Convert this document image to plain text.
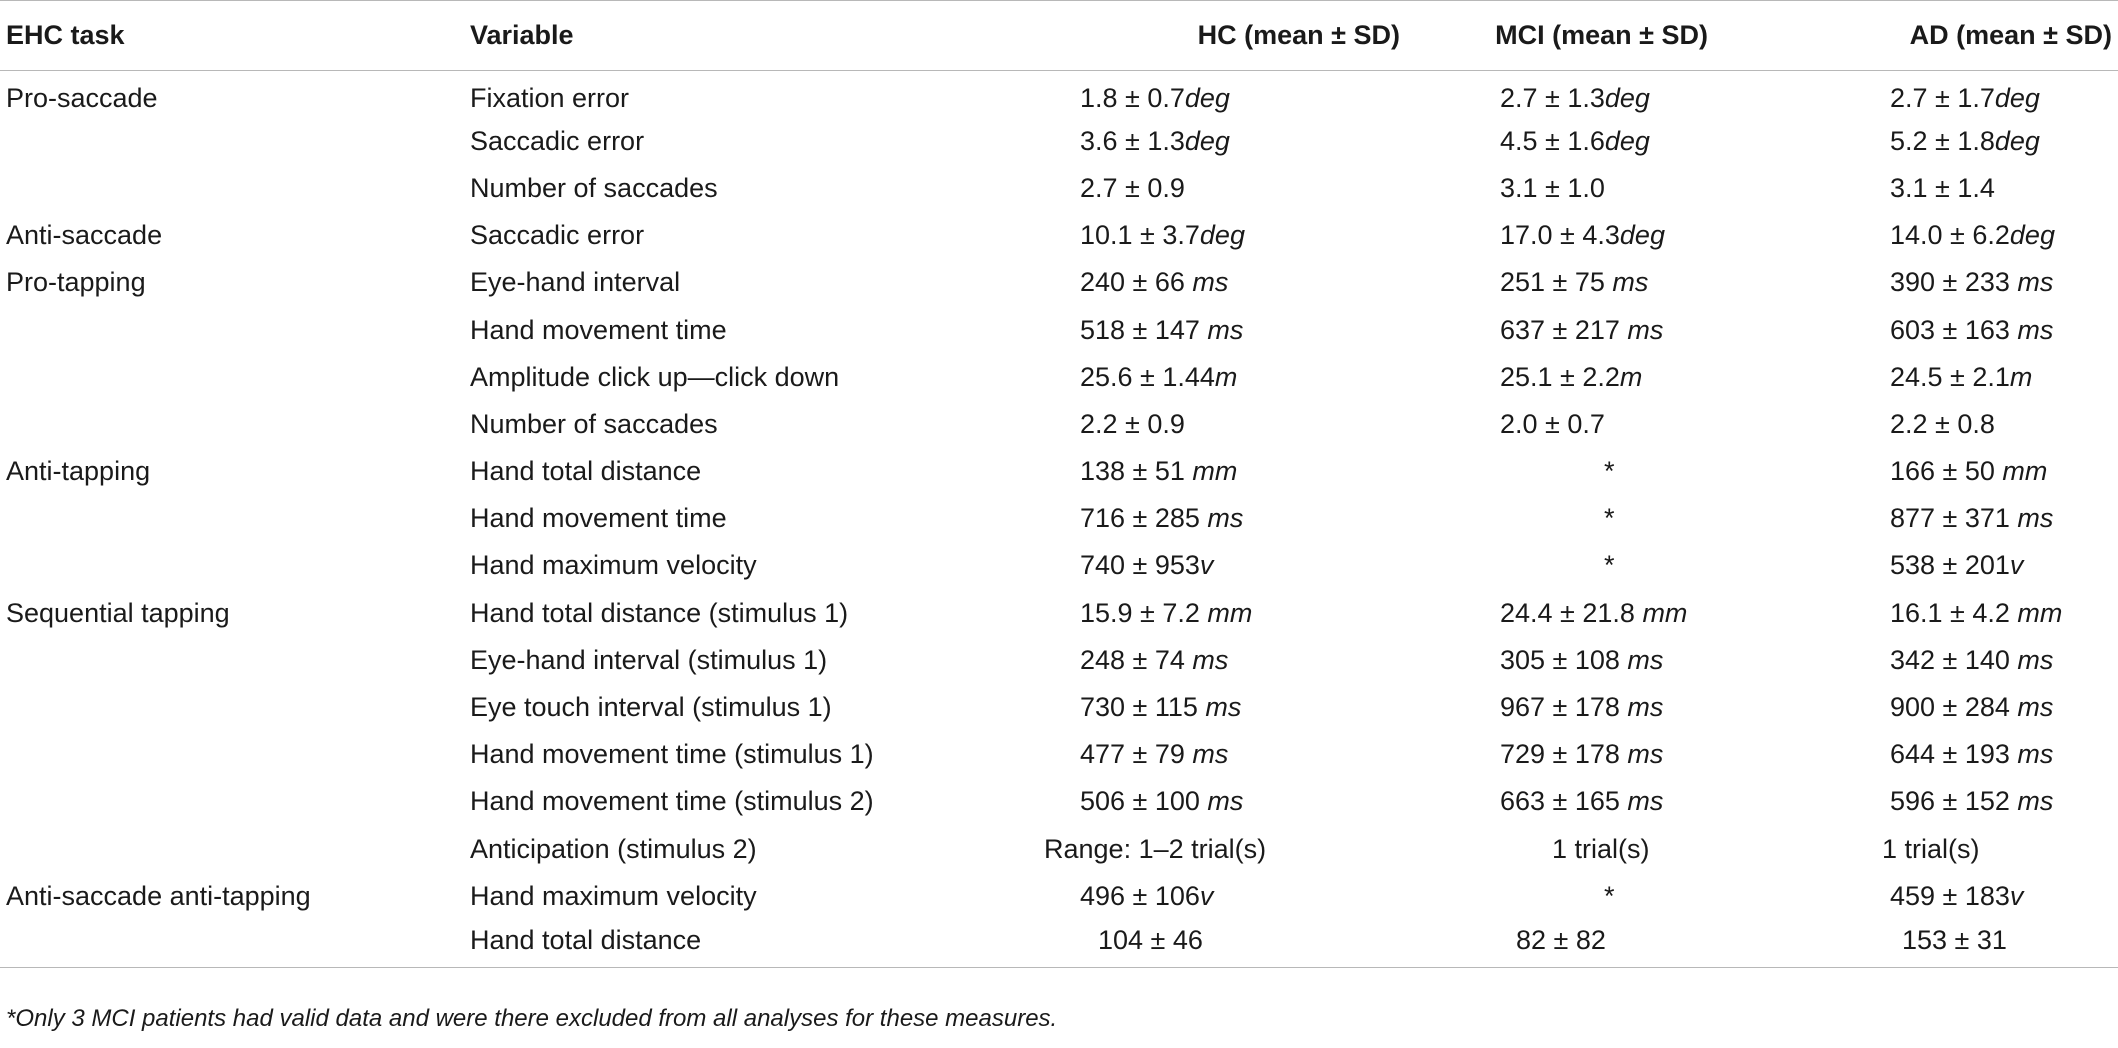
EHC task	Variable	HC (mean ± SD)	MCI (mean ± SD)	AD (mean ± SD)
Pro-saccade	Fixation error	1.8 ± 0.7deg	2.7 ± 1.3deg	2.7 ± 1.7deg
	Saccadic error	3.6 ± 1.3deg	4.5 ± 1.6deg	5.2 ± 1.8deg
	Number of saccades	2.7 ± 0.9	3.1 ± 1.0	3.1 ± 1.4
Anti-saccade	Saccadic error	10.1 ± 3.7deg	17.0 ± 4.3deg	14.0 ± 6.2deg
Pro-tapping	Eye-hand interval	240 ± 66 ms	251 ± 75 ms	390 ± 233 ms
	Hand movement time	518 ± 147 ms	637 ± 217 ms	603 ± 163 ms
	Amplitude click up—click down	25.6 ± 1.44m	25.1 ± 2.2m	24.5 ± 2.1m
	Number of saccades	2.2 ± 0.9	2.0 ± 0.7	2.2 ± 0.8
Anti-tapping	Hand total distance	138 ± 51 mm	*	166 ± 50 mm
	Hand movement time	716 ± 285 ms	*	877 ± 371 ms
	Hand maximum velocity	740 ± 953v	*	538 ± 201v
Sequential tapping	Hand total distance (stimulus 1)	15.9 ± 7.2 mm	24.4 ± 21.8 mm	16.1 ± 4.2 mm
	Eye-hand interval (stimulus 1)	248 ± 74 ms	305 ± 108 ms	342 ± 140 ms
	Eye touch interval (stimulus 1)	730 ± 115 ms	967 ± 178 ms	900 ± 284 ms
	Hand movement time (stimulus 1)	477 ± 79 ms	729 ± 178 ms	644 ± 193 ms
	Hand movement time (stimulus 2)	506 ± 100 ms	663 ± 165 ms	596 ± 152 ms
	Anticipation (stimulus 2)	Range: 1–2 trial(s)	1 trial(s)	1 trial(s)
Anti-saccade anti-tapping	Hand maximum velocity	496 ± 106v	*	459 ± 183v
	Hand total distance	104 ± 46	82 ± 82	153 ± 31
*Only 3 MCI patients had valid data and were there excluded from all analyses for these measures.
